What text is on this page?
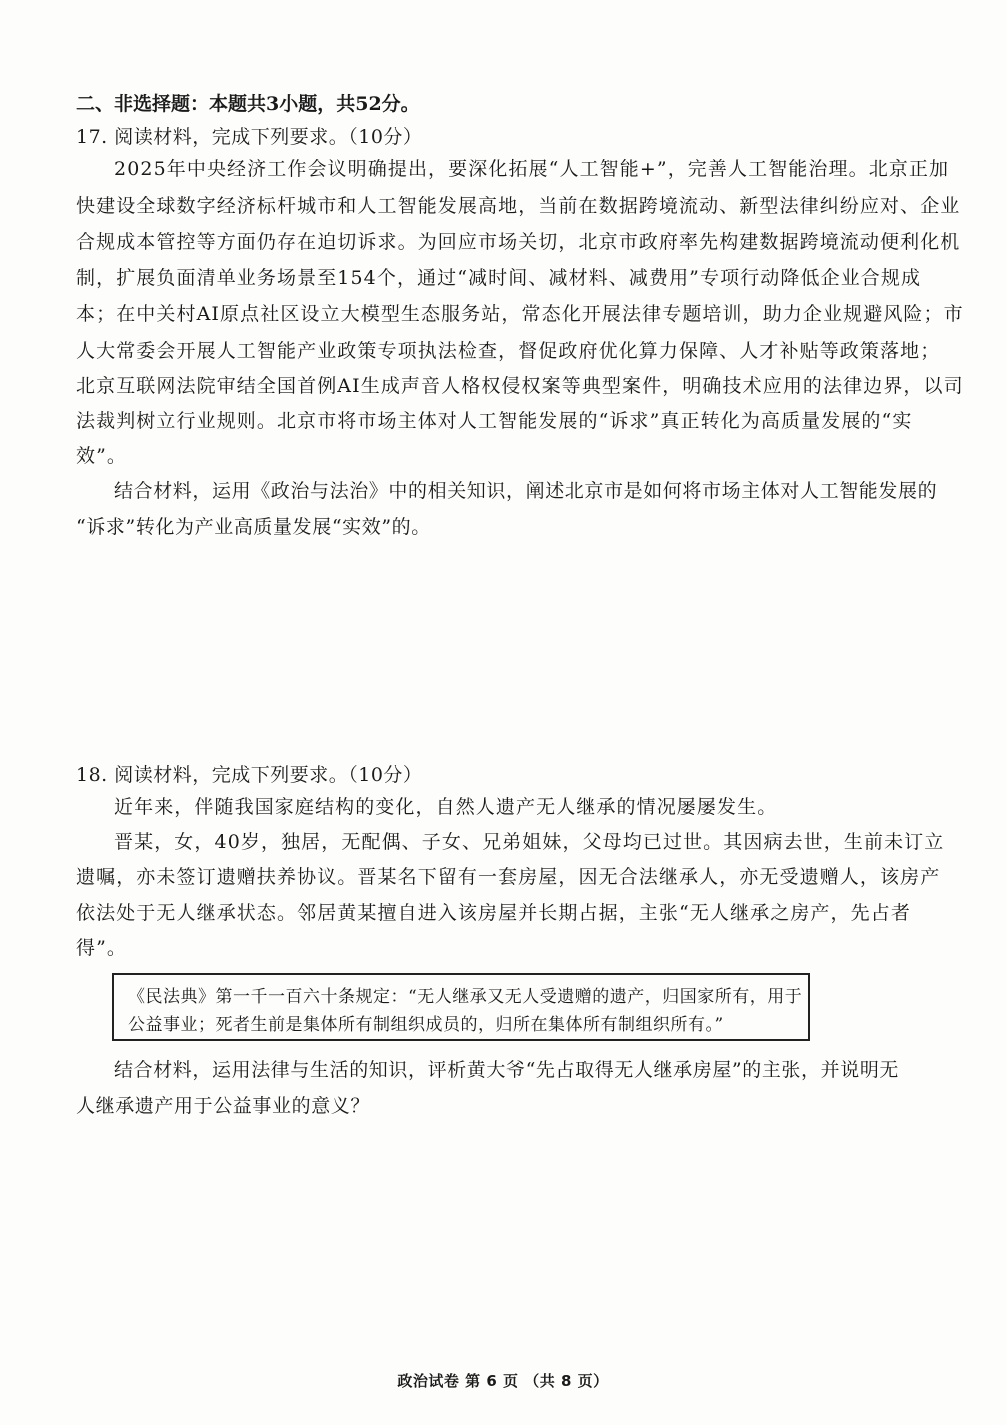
二、非选择题：本题共3小题，共52分。
17. 阅读材料，完成下列要求。（10分）
2025年中央经济工作会议明确提出，要深化拓展“人工智能+”，完善人工智能治理。北京正加
快建设全球数字经济标杆城市和人工智能发展高地，当前在数据跨境流动、新型法律纠纷应对、企业
合规成本管控等方面仍存在迫切诉求。为回应市场关切，北京市政府率先构建数据跨境流动便利化机
制，扩展负面清单业务场景至154个，通过“减时间、减材料、减费用”专项行动降低企业合规成
本；在中关村AI原点社区设立大模型生态服务站，常态化开展法律专题培训，助力企业规避风险；市
人大常委会开展人工智能产业政策专项执法检查，督促政府优化算力保障、人才补贴等政策落地；
北京互联网法院审结全国首例AI生成声音人格权侵权案等典型案件，明确技术应用的法律边界，以司
法裁判树立行业规则。北京市将市场主体对人工智能发展的“诉求”真正转化为高质量发展的“实
效”。
结合材料，运用《政治与法治》中的相关知识，阐述北京市是如何将市场主体对人工智能发展的
“诉求”转化为产业高质量发展“实效”的。
18. 阅读材料，完成下列要求。（10分）
近年来，伴随我国家庭结构的变化，自然人遗产无人继承的情况屡屡发生。
晋某，女，40岁，独居，无配偶、子女、兄弟姐妹，父母均已过世。其因病去世，生前未订立
遗嘱，亦未签订遗赠扶养协议。晋某名下留有一套房屋，因无合法继承人，亦无受遗赠人，该房产
依法处于无人继承状态。邻居黄某擅自进入该房屋并长期占据，主张“无人继承之房产，先占者
得”。
《民法典》第一千一百六十条规定：“无人继承又无人受遗赠的遗产，归国家所有，用于
公益事业；死者生前是集体所有制组织成员的，归所在集体所有制组织所有。”
结合材料，运用法律与生活的知识，评析黄大爷“先占取得无人继承房屋”的主张，并说明无
人继承遗产用于公益事业的意义？
政治试卷 第 6 页 （共 8 页）
